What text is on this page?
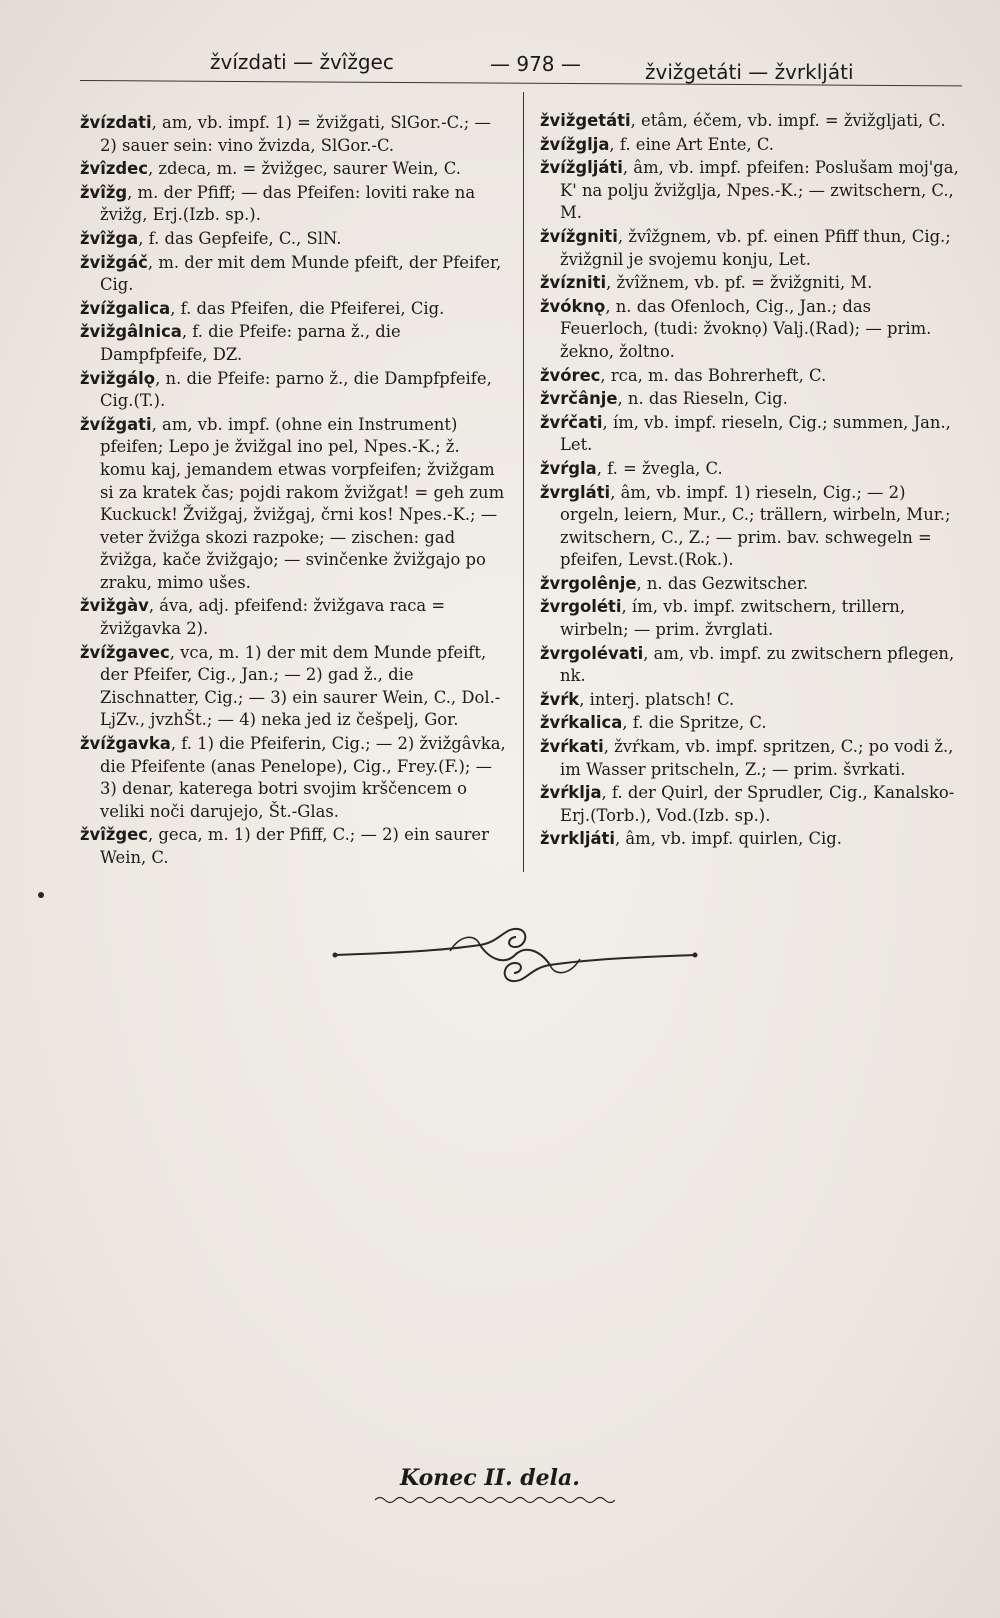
žvízdati — žvîžgec	— 978 —	žvižgetáti — žvrkljáti

žvízdati, am, vb. impf. 1) = žvižgati, SlGor.-C.; — 2) sauer sein: vino žvizda, SlGor.-C.

žvîzdec, zdeca, m. = žvižgec, saurer Wein, C.

žvîžg, m. der Pfiff; — das Pfeifen: loviti rake na žvižg, Erj.(Izb. sp.).

žvîžga, f. das Gepfeife, C., SlN.

žvižgáč, m. der mit dem Munde pfeift, der Pfeifer, Cig.

žvížgalica, f. das Pfeifen, die Pfeiferei, Cig.

žvižgâlnica, f. die Pfeife: parna ž., die Dampfpfeife, DZ.

žvižgálǫ, n. die Pfeife: parno ž., die Dampfpfeife, Cig.(T.).

žvížgati, am, vb. impf. (ohne ein Instrument) pfeifen; Lepo je žvižgal ino pel, Npes.-K.; ž. komu kaj, jemandem etwas vorpfeifen; žvižgam si za kratek čas; pojdi rakom žvižgat! = geh zum Kuckuck! Žvižgaj, žvižgaj, črni kos! Npes.-K.; — veter žvižga skozi razpoke; — zischen: gad žvižga, kače žvižgajo; — svinčenke žvižgajo po zraku, mimo ušes.

žvižgàv, áva, adj. pfeifend: žvižgava raca = žvižgavka 2).

žvížgavec, vca, m. 1) der mit dem Munde pfeift, der Pfeifer, Cig., Jan.; — 2) gad ž., die Zischnatter, Cig.; — 3) ein saurer Wein, C., Dol.-LjZv., jvzhŠt.; — 4) neka jed iz češpelj, Gor.

žvížgavka, f. 1) die Pfeiferin, Cig.; — 2) žvižgâvka, die Pfeifente (anas Penelope), Cig., Frey.(F.); — 3) denar, katerega botri svojim krščencem o veliki noči darujejo, Št.-Glas.

žvîžgec, geca, m. 1) der Pfiff, C.; — 2) ein saurer Wein, C.

žvižgetáti, etâm, éčem, vb. impf. = žvižgljati, C.

žvížglja, f. eine Art Ente, C.

žvížgljáti, âm, vb. impf. pfeifen: Poslušam moj'ga, K' na polju žvižglja, Npes.-K.; — zwitschern, C., M.

žvížgniti, žvîžgnem, vb. pf. einen Pfiff thun, Cig.; žvižgnil je svojemu konju, Let.

žvízniti, žvîžnem, vb. pf. = žvižgniti, M.

žvóknǫ, n. das Ofenloch, Cig., Jan.; das Feuerloch, (tudi: žvoknọ) Valj.(Rad); — prim. žekno, žoltno.

žvórec, rca, m. das Bohrerheft, C.

žvrčânje, n. das Rieseln, Cig.

žvŕčati, ím, vb. impf. rieseln, Cig.; summen, Jan., Let.

žvŕgla, f. = žvegla, C.

žvrgláti, âm, vb. impf. 1) rieseln, Cig.; — 2) orgeln, leiern, Mur., C.; trällern, wirbeln, Mur.; zwitschern, C., Z.; — prim. bav. schwegeln = pfeifen, Levst.(Rok.).

žvrgolênje, n. das Gezwitscher.

žvrgoléti, ím, vb. impf. zwitschern, trillern, wirbeln; — prim. žvrglati.

žvrgolévati, am, vb. impf. zu zwitschern pflegen, nk.

žvŕk, interj. platsch! C.

žvŕkalica, f. die Spritze, C.

žvŕkati, žvŕkam, vb. impf. spritzen, C.; po vodi ž., im Wasser pritscheln, Z.; — prim. švrkati.

žvŕklja, f. der Quirl, der Sprudler, Cig., Kanalsko-Erj.(Torb.), Vod.(Izb. sp.).

žvrkljáti, âm, vb. impf. quirlen, Cig.

Konec II. dela.
